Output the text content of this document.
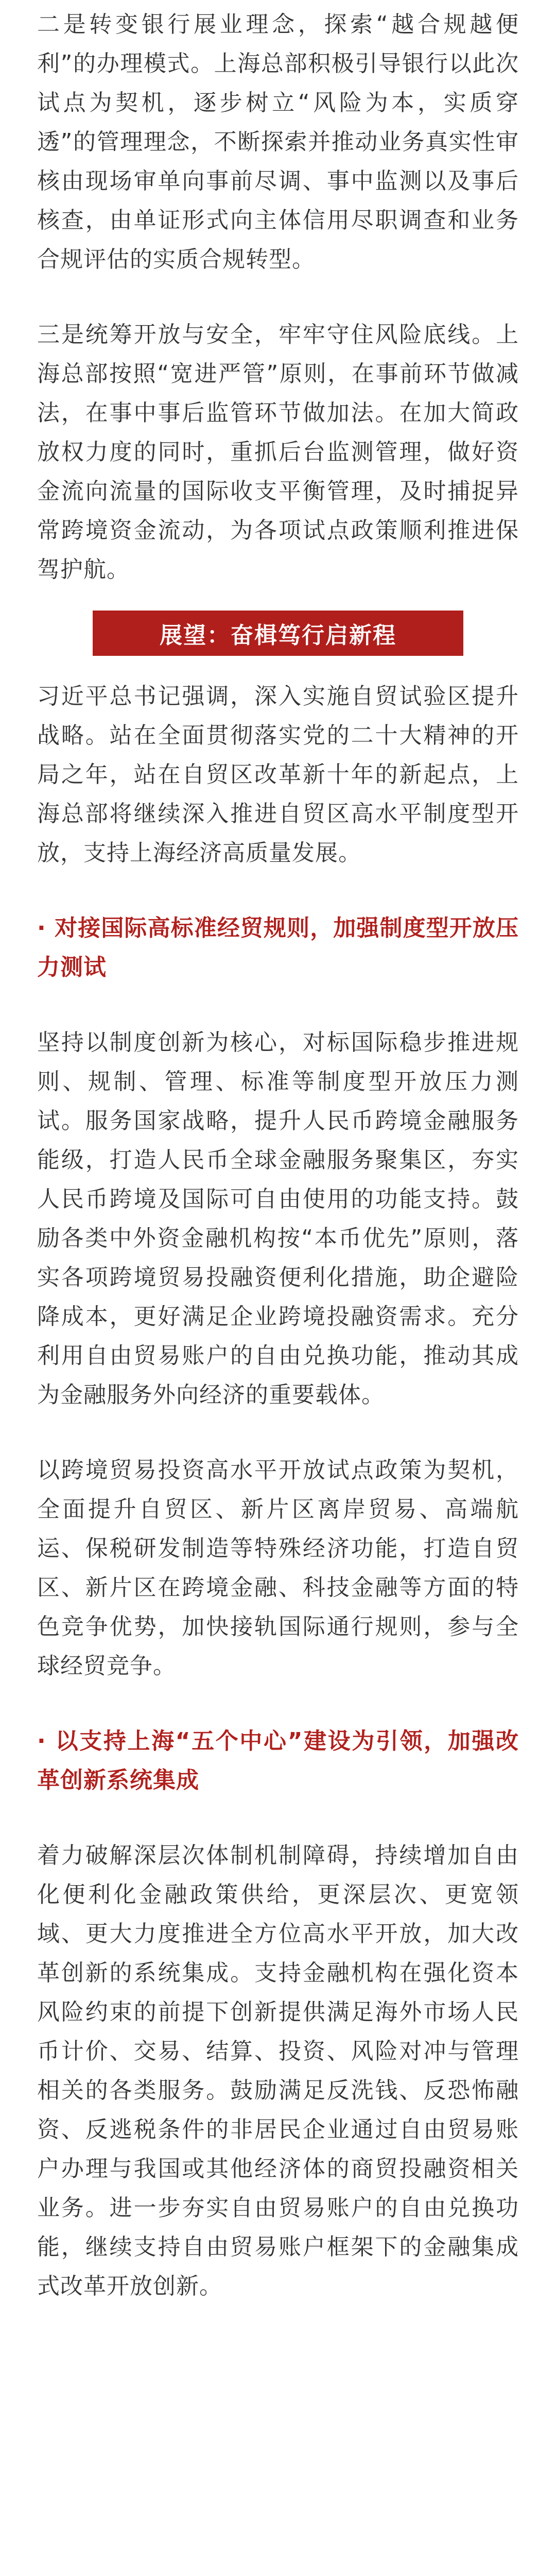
二是转变银行展业理念，探索“越合规越便利”的办理模式。上海总部积极引导银行以此次试点为契机，逐步树立“风险为本，实质穿透”的管理理念，不断探索并推动业务真实性审核由现场审单向事前尽调、事中监测以及事后核查，由单证形式向主体信用尽职调查和业务合规评估的实质合规转型。

三是统筹开放与安全，牢牢守住风险底线。上海总部按照“宽进严管”原则，在事前环节做减法，在事中事后监管环节做加法。在加大简政放权力度的同时，重抓后台监测管理，做好资金流向流量的国际收支平衡管理，及时捕捉异常跨境资金流动，为各项试点政策顺利推进保驾护航。

展望：奋楫笃行启新程

习近平总书记强调，深入实施自贸试验区提升战略。站在全面贯彻落实党的二十大精神的开局之年，站在自贸区改革新十年的新起点，上海总部将继续深入推进自贸区高水平制度型开放，支持上海经济高质量发展。

· 对接国际高标准经贸规则，加强制度型开放压力测试

坚持以制度创新为核心，对标国际稳步推进规则、规制、管理、标准等制度型开放压力测试。服务国家战略，提升人民币跨境金融服务能级，打造人民币全球金融服务聚集区，夯实人民币跨境及国际可自由使用的功能支持。鼓励各类中外资金融机构按“本币优先”原则，落实各项跨境贸易投融资便利化措施，助企避险降成本，更好满足企业跨境投融资需求。充分利用自由贸易账户的自由兑换功能，推动其成为金融服务外向经济的重要载体。

以跨境贸易投资高水平开放试点政策为契机，全面提升自贸区、新片区离岸贸易、高端航运、保税研发制造等特殊经济功能，打造自贸区、新片区在跨境金融、科技金融等方面的特色竞争优势，加快接轨国际通行规则，参与全球经贸竞争。

· 以支持上海“五个中心”建设为引领，加强改革创新系统集成

着力破解深层次体制机制障碍，持续增加自由化便利化金融政策供给，更深层次、更宽领域、更大力度推进全方位高水平开放，加大改革创新的系统集成。支持金融机构在强化资本风险约束的前提下创新提供满足海外市场人民币计价、交易、结算、投资、风险对冲与管理相关的各类服务。鼓励满足反洗钱、反恐怖融资、反逃税条件的非居民企业通过自由贸易账户办理与我国或其他经济体的商贸投融资相关业务。进一步夯实自由贸易账户的自由兑换功能，继续支持自由贸易账户框架下的金融集成式改革开放创新。
